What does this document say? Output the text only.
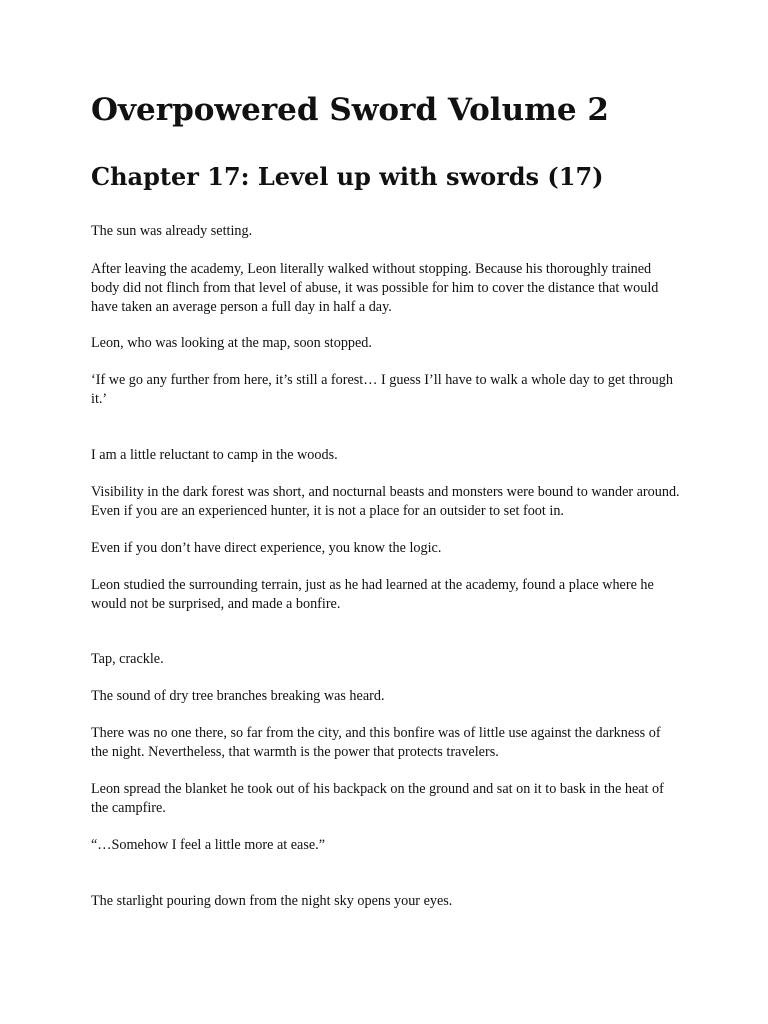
Overpowered Sword Volume 2
Chapter 17: Level up with swords (17)

The sun was already setting.

After leaving the academy, Leon literally walked without stopping. Because his thoroughly trained body did not flinch from that level of abuse, it was possible for him to cover the distance that would have taken an average person a full day in half a day.

Leon, who was looking at the map, soon stopped.

‘If we go any further from here, it’s still a forest… I guess I’ll have to walk a whole day to get through it.’

I am a little reluctant to camp in the woods.

Visibility in the dark forest was short, and nocturnal beasts and monsters were bound to wander around. Even if you are an experienced hunter, it is not a place for an outsider to set foot in.

Even if you don’t have direct experience, you know the logic.

Leon studied the surrounding terrain, just as he had learned at the academy, found a place where he would not be surprised, and made a bonfire.

Tap, crackle.

The sound of dry tree branches breaking was heard.

There was no one there, so far from the city, and this bonfire was of little use against the darkness of the night. Nevertheless, that warmth is the power that protects travelers.

Leon spread the blanket he took out of his backpack on the ground and sat on it to bask in the heat of the campfire.

“…Somehow I feel a little more at ease.”

The starlight pouring down from the night sky opens your eyes.
